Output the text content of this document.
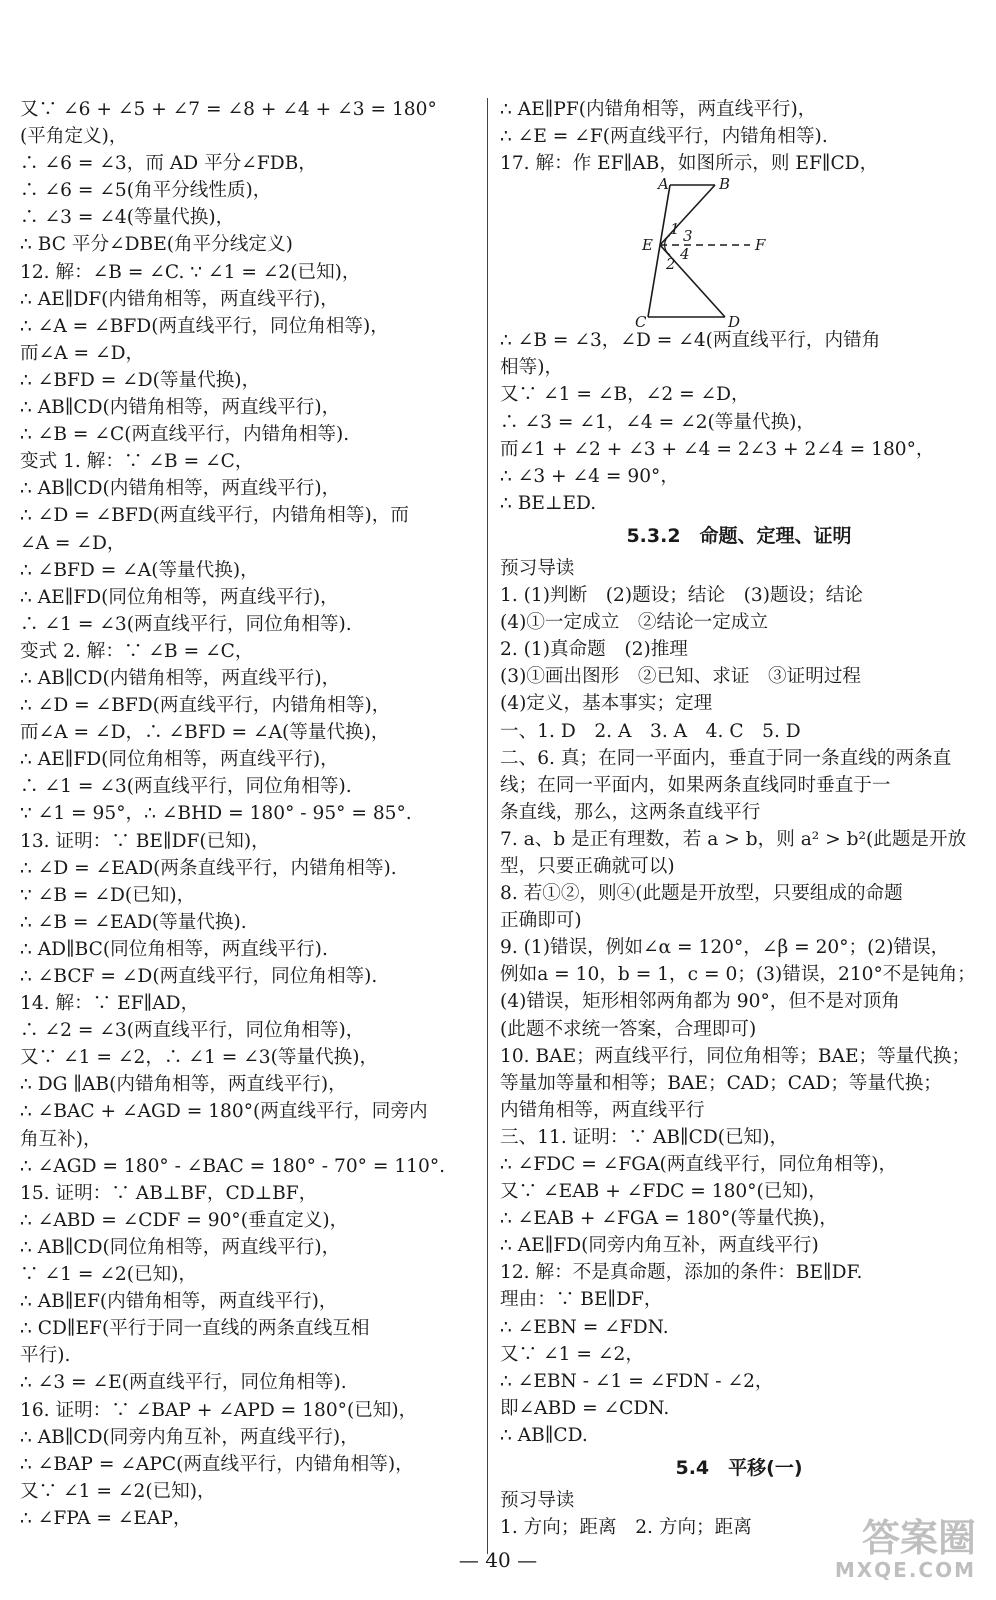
又∵ ∠6 + ∠5 + ∠7 = ∠8 + ∠4 + ∠3 = 180°
(平角定义)，
∴ ∠6 = ∠3，而 AD 平分∠FDB，
∴ ∠6 = ∠5(角平分线性质)，
∴ ∠3 = ∠4(等量代换)，
∴ BC 平分∠DBE(角平分线定义)
12. 解：∠B = ∠C. ∵ ∠1 = ∠2(已知)，
∴ AE∥DF(内错角相等，两直线平行)，
∴ ∠A = ∠BFD(两直线平行，同位角相等)，
而∠A = ∠D，
∴ ∠BFD = ∠D(等量代换)，
∴ AB∥CD(内错角相等，两直线平行)，
∴ ∠B = ∠C(两直线平行，内错角相等).
变式 1. 解：∵ ∠B = ∠C，
∴ AB∥CD(内错角相等，两直线平行)，
∴ ∠D = ∠BFD(两直线平行，内错角相等)，而
∠A = ∠D，
∴ ∠BFD = ∠A(等量代换)，
∴ AE∥FD(同位角相等，两直线平行)，
∴ ∠1 = ∠3(两直线平行，同位角相等).
变式 2. 解：∵ ∠B = ∠C，
∴ AB∥CD(内错角相等，两直线平行)，
∴ ∠D = ∠BFD(两直线平行，内错角相等)，
而∠A = ∠D，∴ ∠BFD = ∠A(等量代换)，
∴ AE∥FD(同位角相等，两直线平行)，
∴ ∠1 = ∠3(两直线平行，同位角相等).
∵ ∠1 = 95°，∴ ∠BHD = 180° - 95° = 85°.
13. 证明：∵ BE∥DF(已知)，
∴ ∠D = ∠EAD(两条直线平行，内错角相等).
∵ ∠B = ∠D(已知)，
∴ ∠B = ∠EAD(等量代换).
∴ AD∥BC(同位角相等，两直线平行).
∴ ∠BCF = ∠D(两直线平行，同位角相等).
14. 解：∵ EF∥AD，
∴ ∠2 = ∠3(两直线平行，同位角相等)，
又∵ ∠1 = ∠2，∴ ∠1 = ∠3(等量代换)，
∴ DG ∥AB(内错角相等，两直线平行)，
∴ ∠BAC + ∠AGD = 180°(两直线平行，同旁内
角互补)，
∴ ∠AGD = 180° - ∠BAC = 180° - 70° = 110°.
15. 证明：∵ AB⊥BF，CD⊥BF，
∴ ∠ABD = ∠CDF = 90°(垂直定义)，
∴ AB∥CD(同位角相等，两直线平行)，
∵ ∠1 = ∠2(已知)，
∴ AB∥EF(内错角相等，两直线平行)，
∴ CD∥EF(平行于同一直线的两条直线互相
平行).
∴ ∠3 = ∠E(两直线平行，同位角相等).
16. 证明：∵ ∠BAP + ∠APD = 180°(已知)，
∴ AB∥CD(同旁内角互补，两直线平行)，
∴ ∠BAP = ∠APC(两直线平行，内错角相等)，
又∵ ∠1 = ∠2(已知)，
∴ ∠FPA = ∠EAP，
∴ AE∥PF(内错角相等，两直线平行)，
∴ ∠E = ∠F(两直线平行，内错角相等).
17. 解：作 EF∥AB，如图所示，则 EF∥CD，
A	B
C	D
E	F
1
2
3
4
∴ ∠B = ∠3，∠D = ∠4(两直线平行，内错角
相等)，
又∵ ∠1 = ∠B，∠2 = ∠D，
∴ ∠3 = ∠1，∠4 = ∠2(等量代换)，
而∠1 + ∠2 + ∠3 + ∠4 = 2∠3 + 2∠4 = 180°，
∴ ∠3 + ∠4 = 90°，
∴ BE⊥ED.
5.3.2　命题、定理、证明
预习导读
1. (1)判断　(2)题设；结论　(3)题设；结论
(4)①一定成立　②结论一定成立
2. (1)真命题　(2)推理
(3)①画出图形　②已知、求证　③证明过程
(4)定义，基本事实；定理
一、1. D　2. A　3. A　4. C　5. D
二、6. 真；在同一平面内，垂直于同一条直线的两条直
线；在同一平面内，如果两条直线同时垂直于一
条直线，那么，这两条直线平行
7. a、b 是正有理数，若 a > b，则 a² > b²(此题是开放
型，只要正确就可以)
8. 若①②，则④(此题是开放型，只要组成的命题
正确即可)
9. (1)错误，例如∠α = 120°，∠β = 20°；(2)错误，
例如a = 10，b = 1，c = 0；(3)错误，210°不是钝角；
(4)错误，矩形相邻两角都为 90°，但不是对顶角
(此题不求统一答案，合理即可)
10. BAE；两直线平行，同位角相等；BAE；等量代换；
等量加等量和相等；BAE；CAD；CAD；等量代换；
内错角相等，两直线平行
三、11. 证明：∵ AB∥CD(已知)，
∴ ∠FDC = ∠FGA(两直线平行，同位角相等)，
又∵ ∠EAB + ∠FDC = 180°(已知)，
∴ ∠EAB + ∠FGA = 180°(等量代换)，
∴ AE∥FD(同旁内角互补，两直线平行)
12. 解：不是真命题，添加的条件：BE∥DF.
理由：∵ BE∥DF，
∴ ∠EBN = ∠FDN.
又∵ ∠1 = ∠2，
∴ ∠EBN - ∠1 = ∠FDN - ∠2，
即∠ABD = ∠CDN.
∴ AB∥CD.
5.4　平移(一)
预习导读
1. 方向；距离　2. 方向；距离
— 40 —	答案圈
MXQE.COM
